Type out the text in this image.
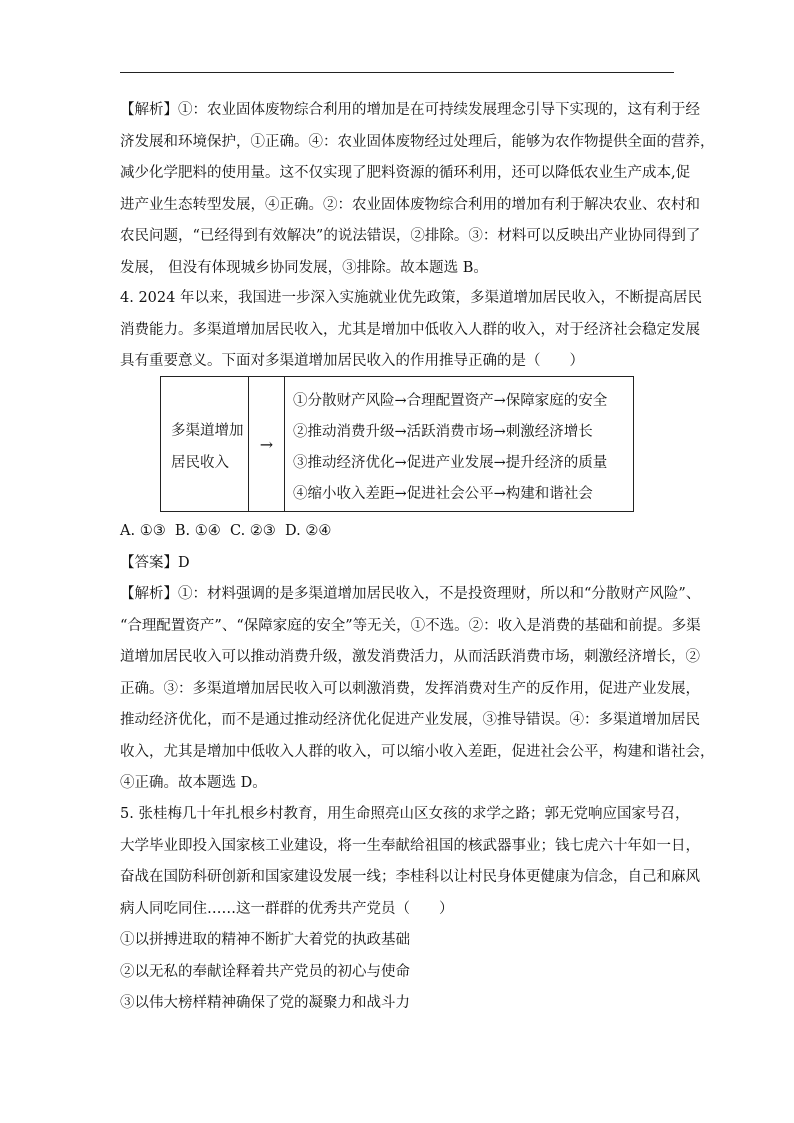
【解析】①：农业固体废物综合利用的增加是在可持续发展理念引导下实现的，这有利于经
济发展和环境保护，①正确。④：农业固体废物经过处理后，能够为农作物提供全面的营养，
减少化学肥料的使用量。这不仅实现了肥料资源的循环利用，还可以降低农业生产成本,促
进产业生态转型发展，④正确。②：农业固体废物综合利用的增加有利于解决农业、农村和
农民问题，“已经得到有效解决”的说法错误，②排除。③：材料可以反映出产业协同得到了
发展， 但没有体现城乡协同发展，③排除。故本题选 B。
4. 2024 年以来，我国进一步深入实施就业优先政策，多渠道增加居民收入，不断提高居民
消费能力。多渠道增加居民收入，尤其是增加中低收入人群的收入，对于经济社会稳定发展
具有重要意义。下面对多渠道增加居民收入的作用推导正确的是（　　）
多渠道增加
居民收入
→
①分散财产风险→合理配置资产→保障家庭的安全
②推动消费升级→活跃消费市场→刺激经济增长
③推动经济优化→促进产业发展→提升经济的质量
④缩小收入差距→促进社会公平→构建和谐社会
A. ①③  B. ①④  C. ②③  D. ②④
【答案】D
【解析】①：材料强调的是多渠道增加居民收入，不是投资理财，所以和“分散财产风险”、
“合理配置资产”、“保障家庭的安全”等无关，①不选。②：收入是消费的基础和前提。多渠
道增加居民收入可以推动消费升级，激发消费活力，从而活跃消费市场，刺激经济增长，②
正确。③：多渠道增加居民收入可以刺激消费，发挥消费对生产的反作用，促进产业发展，
推动经济优化，而不是通过推动经济优化促进产业发展，③推导错误。④：多渠道增加居民
收入，尤其是增加中低收入人群的收入，可以缩小收入差距，促进社会公平，构建和谐社会，
④正确。故本题选 D。
5. 张桂梅几十年扎根乡村教育，用生命照亮山区女孩的求学之路；郭无党响应国家号召，
大学毕业即投入国家核工业建设，将一生奉献给祖国的核武器事业；钱七虎六十年如一日，
奋战在国防科研创新和国家建设发展一线；李桂科以让村民身体更健康为信念，自己和麻风
病人同吃同住……这一群群的优秀共产党员（　　）
①以拼搏进取的精神不断扩大着党的执政基础
②以无私的奉献诠释着共产党员的初心与使命
③以伟大榜样精神确保了党的凝聚力和战斗力
